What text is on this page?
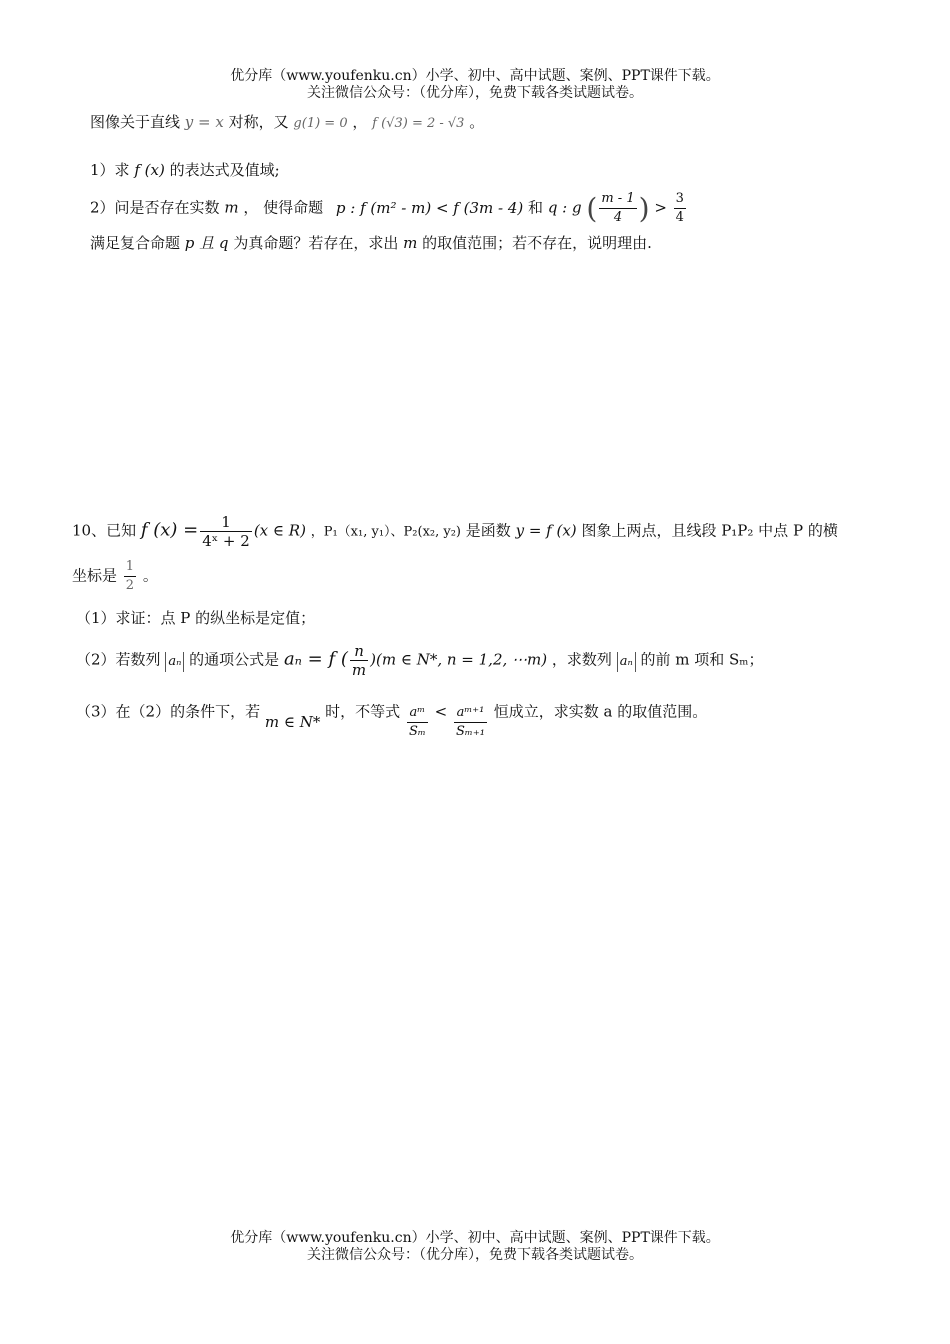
优分库（www.youfenku.cn）小学、初中、高中试题、案例、PPT课件下载。
关注微信公众号：（优分库），免费下载各类试题试卷。
图像关于直线 y = x 对称，又 g(1) = 0 ， f (√3) = 2 - √3 。
1）求 f (x) 的表达式及值域;
2）问是否存在实数 m ， 使得命题 p : f (m² - m) < f (3m - 4) 和 q : g ( $\frac{m - 1}{4}$ ) > $\frac{3}{4}$
满足复合命题 p 且 q 为真命题？若存在，求出 m 的取值范围；若不存在，说明理由.
10、已知 f $(x) = \frac{1}{\text{4ˣ + 2}} (x$ ∈ R) ，P₁（x₁, y₁）、P₂(x₂, y₂) 是函数 y = f (x) 图象上两点，且线段 P₁P₂ 中点 P 的横
坐标是 $\frac{1}{2}$ 。
（1）求证：点 P 的纵坐标是定值；
（2）若数列 aₙ 的通项公式是 aₙ = f ( $\frac{n}{m} )(m$ ∈ N*, n = 1,2, ⋯m) ，求数列 aₙ 的前 m 项和 Sₘ；
（3）在（2）的条件下，若 m ∈ N* 时，不等式 $\frac{\text{aᵐ}}{\text{Sₘ}} < \frac{\text{aᵐ⁺¹}}{\text{Sₘ₊₁}}$ 恒成立，求实数 a 的取值范围。
优分库（www.youfenku.cn）小学、初中、高中试题、案例、PPT课件下载。
关注微信公众号：（优分库），免费下载各类试题试卷。
